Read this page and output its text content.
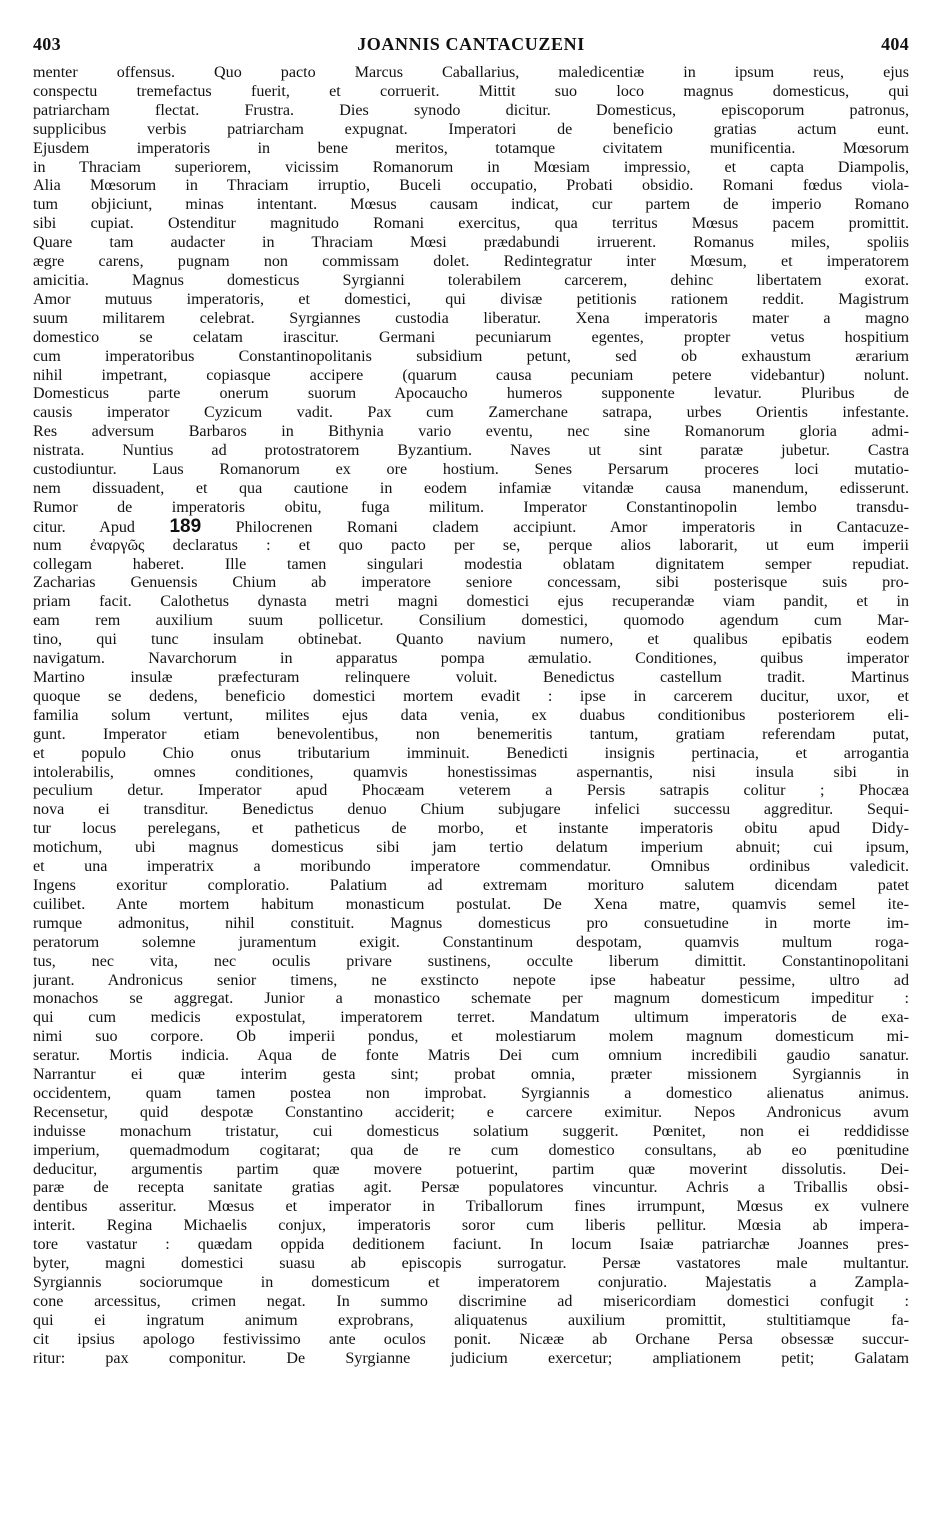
403	JOANNIS CANTACUZENI	404
menter offensus. Quo pacto Marcus Caballarius, maledicentiæ in ipsum reus, ejus
conspectu tremefactus fuerit, et corruerit. Mittit suo loco magnus domesticus, qui
patriarcham flectat. Frustra. Dies synodo dicitur. Domesticus, episcoporum patronus,
supplicibus verbis patriarcham expugnat. Imperatori de beneficio gratias actum eunt.
Ejusdem imperatoris in bene meritos, totamque civitatem munificentia. Mœsorum
in Thraciam superiorem, vicissim Romanorum in Mœsiam impressio, et capta Diampolis,
Alia Mœsorum in Thraciam irruptio, Buceli occupatio, Probati obsidio. Romani fœdus viola-
tum objiciunt, minas intentant. Mœsus causam indicat, cur partem de imperio Romano
sibi cupiat. Ostenditur magnitudo Romani exercitus, qua territus Mœsus pacem promittit.
Quare tam audacter in Thraciam Mœsi prædabundi irruerent. Romanus miles, spoliis
ægre carens, pugnam non commissam dolet. Redintegratur inter Mœsum, et imperatorem
amicitia. Magnus domesticus Syrgianni tolerabilem carcerem, dehinc libertatem exorat.
Amor mutuus imperatoris, et domestici, qui divisæ petitionis rationem reddit. Magistrum
suum militarem celebrat. Syrgiannes custodia liberatur. Xena imperatoris mater a magno
domestico se celatam irascitur. Germani pecuniarum egentes, propter vetus hospitium
cum imperatoribus Constantinopolitanis subsidium petunt, sed ob exhaustum ærarium
nihil impetrant, copiasque accipere (quarum causa pecuniam petere videbantur) nolunt.
Domesticus parte onerum suorum Apocaucho humeros supponente levatur. Pluribus de
causis imperator Cyzicum vadit. Pax cum Zamerchane satrapa, urbes Orientis infestante.
Res adversum Barbaros in Bithynia vario eventu, nec sine Romanorum gloria admi-
nistrata. Nuntius ad protostratorem Byzantium. Naves ut sint paratæ jubetur. Castra
custodiuntur. Laus Romanorum ex ore hostium. Senes Persarum proceres loci mutatio-
nem dissuadent, et qua cautione in eodem infamiæ vitandæ causa manendum, edisserunt.
Rumor de imperatoris obitu, fuga militum. Imperator Constantinopolin lembo transdu-
citur. Apud 189 Philocrenen Romani cladem accipiunt. Amor imperatoris in Cantacuze-
num ἐναργῶς declaratus : et quo pacto per se, perque alios laborarit, ut eum imperii
collegam haberet. Ille tamen singulari modestia oblatam dignitatem semper repudiat.
Zacharias Genuensis Chium ab imperatore seniore concessam, sibi posterisque suis pro-
priam facit. Calothetus dynasta metri magni domestici ejus recuperandæ viam pandit, et in
eam rem auxilium suum pollicetur. Consilium domestici, quomodo agendum cum Mar-
tino, qui tunc insulam obtinebat. Quanto navium numero, et qualibus epibatis eodem
navigatum. Navarchorum in apparatus pompa æmulatio. Conditiones, quibus imperator
Martino insulæ præfecturam relinquere voluit. Benedictus castellum tradit. Martinus
quoque se dedens, beneficio domestici mortem evadit : ipse in carcerem ducitur, uxor, et
familia solum vertunt, milites ejus data venia, ex duabus conditionibus posteriorem eli-
gunt. Imperator etiam benevolentibus, non benemeritis tantum, gratiam referendam putat,
et populo Chio onus tributarium imminuit. Benedicti insignis pertinacia, et arrogantia
intolerabilis, omnes conditiones, quamvis honestissimas aspernantis, nisi insula sibi in
peculium detur. Imperator apud Phocæam veterem a Persis satrapis colitur ; Phocæa
nova ei transditur. Benedictus denuo Chium subjugare infelici successu aggreditur. Sequi-
tur locus perelegans, et patheticus de morbo, et instante imperatoris obitu apud Didy-
motichum, ubi magnus domesticus sibi jam tertio delatum imperium abnuit; cui ipsum,
et una imperatrix a moribundo imperatore commendatur. Omnibus ordinibus valedicit.
Ingens exoritur comploratio. Palatium ad extremam morituro salutem dicendam patet
cuilibet. Ante mortem habitum monasticum postulat. De Xena matre, quamvis semel ite-
rumque admonitus, nihil constituit. Magnus domesticus pro consuetudine in morte im-
peratorum solemne juramentum exigit. Constantinum despotam, quamvis multum roga-
tus, nec vita, nec oculis privare sustinens, occulte liberum dimittit. Constantinopolitani
jurant. Andronicus senior timens, ne exstincto nepote ipse habeatur pessime, ultro ad
monachos se aggregat. Junior a monastico schemate per magnum domesticum impeditur :
qui cum medicis expostulat, imperatorem terret. Mandatum ultimum imperatoris de exa-
nimi suo corpore. Ob imperii pondus, et molestiarum molem magnum domesticum mi-
seratur. Mortis indicia. Aqua de fonte Matris Dei cum omnium incredibili gaudio sanatur.
Narrantur ei quæ interim gesta sint; probat omnia, præter missionem Syrgiannis in
occidentem, quam tamen postea non improbat. Syrgiannis a domestico alienatus animus.
Recensetur, quid despotæ Constantino acciderit; e carcere eximitur. Nepos Andronicus avum
induisse monachum tristatur, cui domesticus solatium suggerit. Pœnitet, non ei reddidisse
imperium, quemadmodum cogitarat; qua de re cum domestico consultans, ab eo pœnitudine
deducitur, argumentis partim quæ movere potuerint, partim quæ moverint dissolutis. Dei-
paræ de recepta sanitate gratias agit. Persæ populatores vincuntur. Achris a Triballis obsi-
dentibus asseritur. Mœsus et imperator in Triballorum fines irrumpunt, Mœsus ex vulnere
interit. Regina Michaelis conjux, imperatoris soror cum liberis pellitur. Mœsia ab impera-
tore vastatur : quædam oppida deditionem faciunt. In locum Isaiæ patriarchæ Joannes pres-
byter, magni domestici suasu ab episcopis surrogatur. Persæ vastatores male multantur.
Syrgiannis sociorumque in domesticum et imperatorem conjuratio. Majestatis a Zampla-
cone arcessitus, crimen negat. In summo discrimine ad misericordiam domestici confugit :
qui ei ingratum animum exprobrans, aliquatenus auxilium promittit, stultitiamque fa-
cit ipsius apologo festivissimo ante oculos ponit. Nicææ ab Orchane Persa obsessæ succur-
ritur: pax componitur. De Syrgianne judicium exercetur; ampliationem petit; Galatam
